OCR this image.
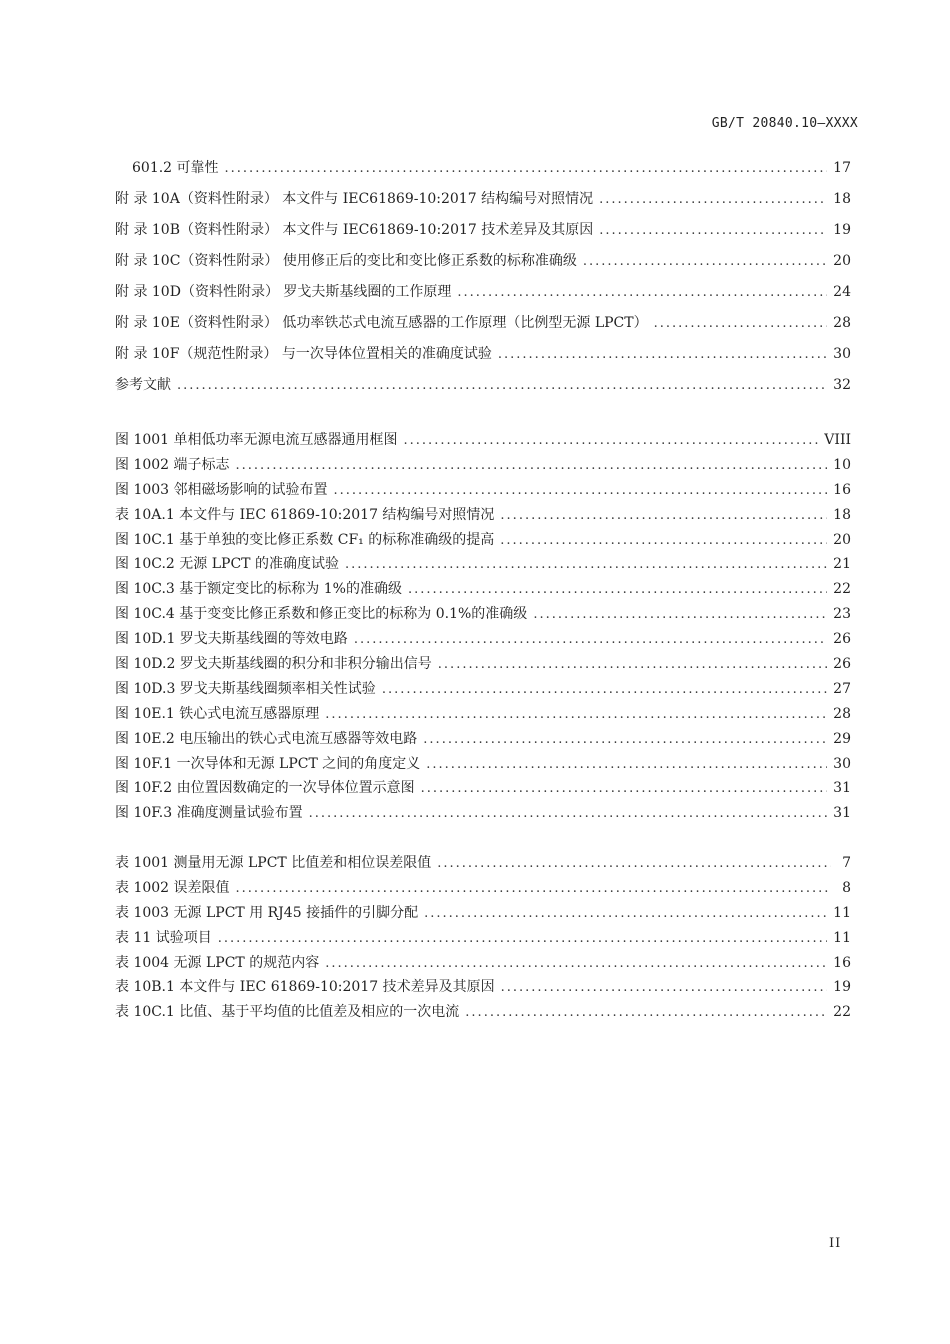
GB/T 20840.10—XXXX
601.2 可靠性 .....	17
附 录 10A（资料性附录） 本文件与 IEC61869-10:2017 结构编号对照情况 .....	18
附 录 10B（资料性附录） 本文件与 IEC61869-10:2017 技术差异及其原因 .....	19
附 录 10C（资料性附录） 使用修正后的变比和变比修正系数的标称准确级 .....	20
附 录 10D（资料性附录） 罗戈夫斯基线圈的工作原理 .....	24
附 录 10E（资料性附录） 低功率铁芯式电流互感器的工作原理（比例型无源 LPCT） .....	28
附 录 10F（规范性附录） 与一次导体位置相关的准确度试验 .....	30
参考文献 .....	32
图 1001 单相低功率无源电流互感器通用框图 .....	VIII
图 1002 端子标志 .....	10
图 1003 邻相磁场影响的试验布置 .....	16
表 10A.1 本文件与 IEC 61869-10:2017 结构编号对照情况 .....	18
图 10C.1 基于单独的变比修正系数 CF₁ 的标称准确级的提高 .....	20
图 10C.2 无源 LPCT 的准确度试验 .....	21
图 10C.3 基于额定变比的标称为 1%的准确级 .....	22
图 10C.4 基于变变比修正系数和修正变比的标称为 0.1%的准确级 .....	23
图 10D.1 罗戈夫斯基线圈的等效电路 .....	26
图 10D.2 罗戈夫斯基线圈的积分和非积分输出信号 .....	26
图 10D.3 罗戈夫斯基线圈频率相关性试验 .....	27
图 10E.1 铁心式电流互感器原理 .....	28
图 10E.2 电压输出的铁心式电流互感器等效电路 .....	29
图 10F.1 一次导体和无源 LPCT 之间的角度定义 .....	30
图 10F.2 由位置因数确定的一次导体位置示意图 .....	31
图 10F.3 准确度测量试验布置 .....	31
表 1001 测量用无源 LPCT 比值差和相位误差限值 .....	7
表 1002 误差限值 .....	8
表 1003 无源 LPCT 用 RJ45 接插件的引脚分配 .....	11
表 11 试验项目 .....	11
表 1004 无源 LPCT 的规范内容 .....	16
表 10B.1 本文件与 IEC 61869-10:2017 技术差异及其原因 .....	19
表 10C.1 比值、基于平均值的比值差及相应的一次电流 .....	22
II
